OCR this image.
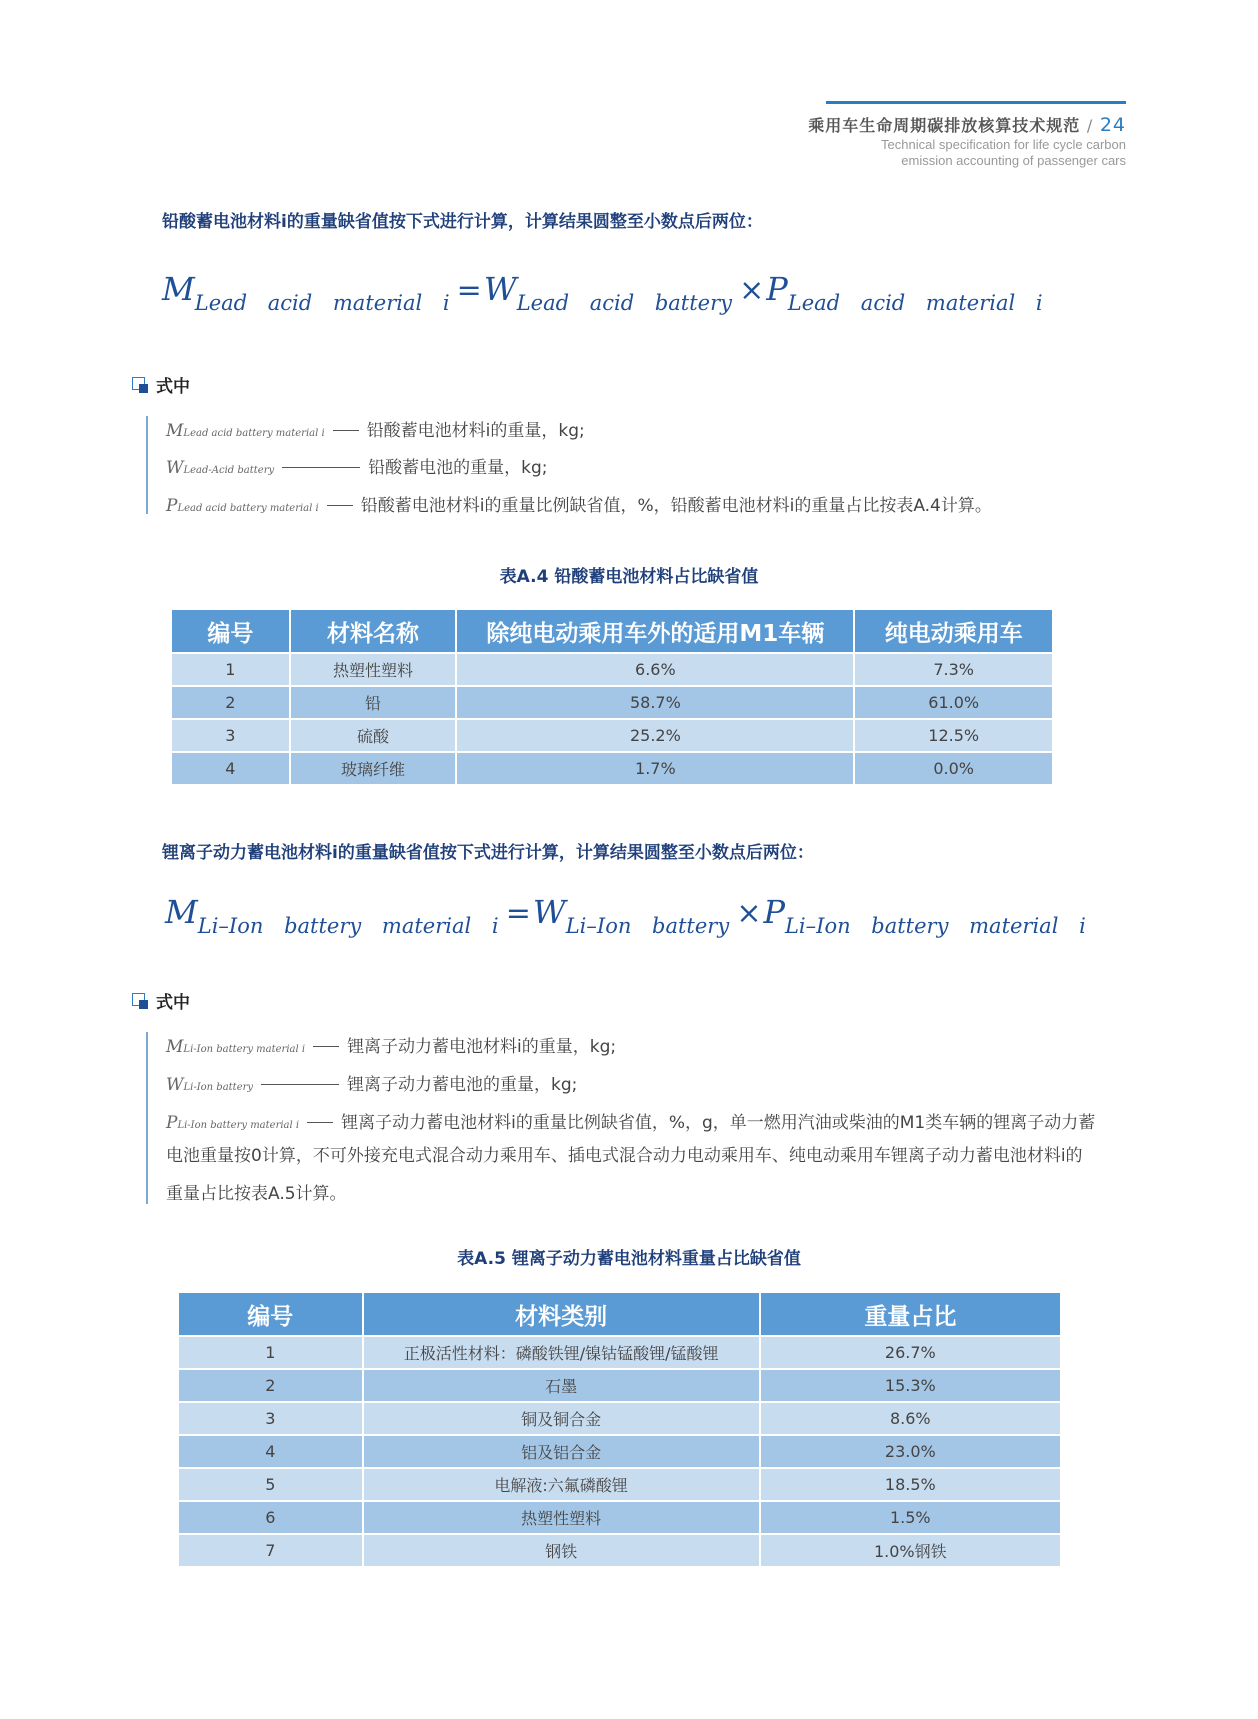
乘用车生命周期碳排放核算技术规范 / 24
Technical specification for life cycle carbon
emission accounting of passenger cars
铅酸蓄电池材料i的重量缺省值按下式进行计算，计算结果圆整至小数点后两位：
MLead acid material i =WLead acid battery ×PLead acid material i
式中
MLead acid battery material i 铅酸蓄电池材料i的重量，kg;
WLead-Acid battery	铅酸蓄电池的重量，kg;
PLead acid battery material i 铅酸蓄电池材料i的重量比例缺省值，%，铅酸蓄电池材料i的重量占比按表A.4计算。
表A.4 铅酸蓄电池材料占比缺省值
编号	材料名称	除纯电动乘用车外的适用M1车辆	纯电动乘用车
1	热塑性塑料	6.6%	7.3%
2	铅	58.7%	61.0%
3	硫酸	25.2%	12.5%
4	玻璃纤维	1.7%	0.0%
锂离子动力蓄电池材料i的重量缺省值按下式进行计算，计算结果圆整至小数点后两位：
MLi–Ion battery material i =WLi–Ion battery ×PLi–Ion battery material i
式中
MLi-Ion battery material i 锂离子动力蓄电池材料i的重量，kg;
WLi-Ion battery	锂离子动力蓄电池的重量，kg;
PLi-Ion battery material i 锂离子动力蓄电池材料i的重量比例缺省值，%，g，单一燃用汽油或柴油的M1类车辆的锂离子动力蓄
电池重量按0计算，不可外接充电式混合动力乘用车、插电式混合动力电动乘用车、纯电动乘用车锂离子动力蓄电池材料i的
重量占比按表A.5计算。
表A.5 锂离子动力蓄电池材料重量占比缺省值
编号	材料类别	重量占比
1	正极活性材料：磷酸铁锂/镍钴锰酸锂/锰酸锂	26.7%
2	石墨	15.3%
3	铜及铜合金	8.6%
4	铝及铝合金	23.0%
5	电解液:六氟磷酸锂	18.5%
6	热塑性塑料	1.5%
7	钢铁	1.0%钢铁
